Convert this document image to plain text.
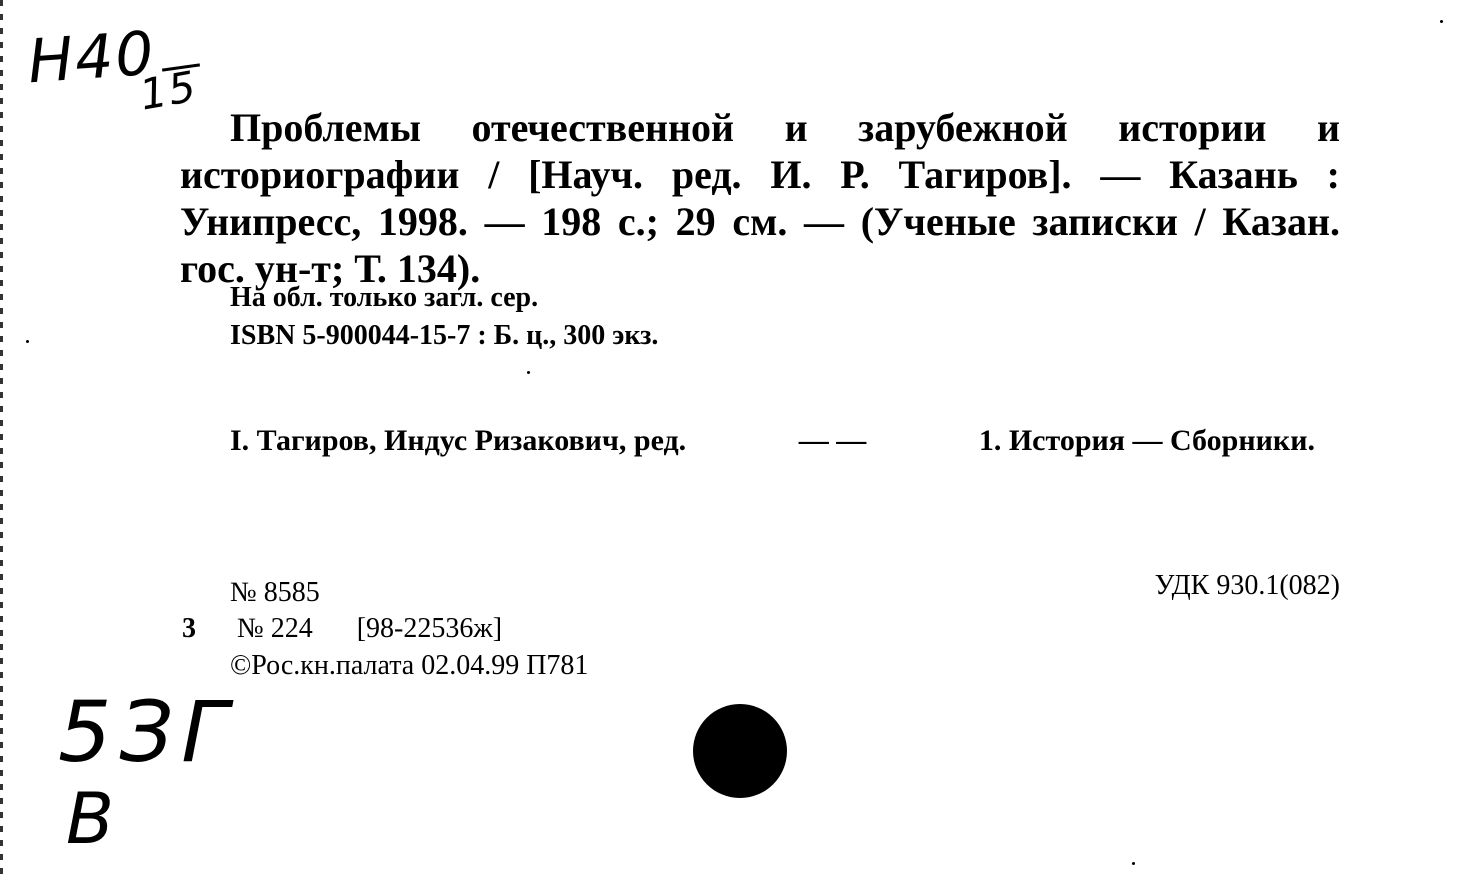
Н40
15
Проблемы отечественной и зарубежной истории и историографии / [Науч. ред. И. Р. Тагиров]. — Казань : Унипресс, 1998. — 198 с.; 29 см. — (Ученые записки / Казан. гос. ун-т; Т. 134).
На обл. только загл. сер.
ISBN 5-900044-15-7 : Б. ц., 300 экз.
I. Тагиров, Индус Ризакович, ред.	— —	1. История — Сборники.
№ 8585	УДК 930.1(082)
3 № 224 [98-22536ж]
©Рос.кн.палата 02.04.99 П781
5ЗГ
В
